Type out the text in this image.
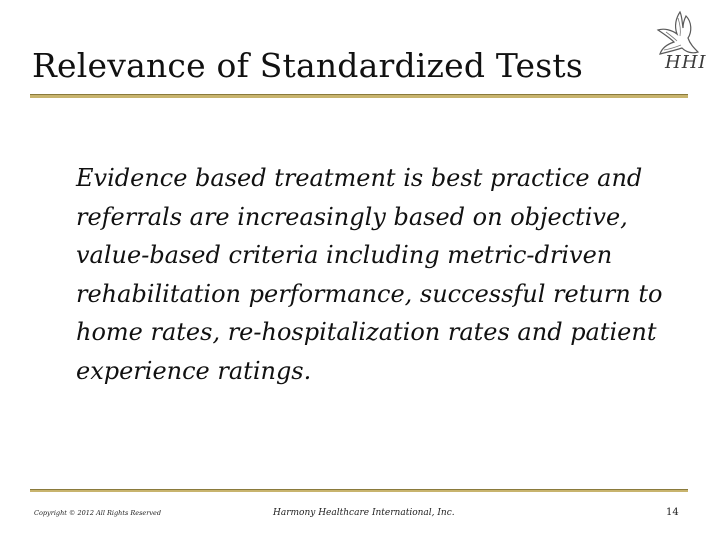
Relevance of Standardized Tests	HHI
Evidence based treatment is best practice and referrals are increasingly based on objective, value-based criteria including metric-driven rehabilitation performance, successful return to home rates, re-hospitalization rates and patient experience ratings.
Copyright © 2012 All Rights Reserved	Harmony Healthcare International, Inc.	14
